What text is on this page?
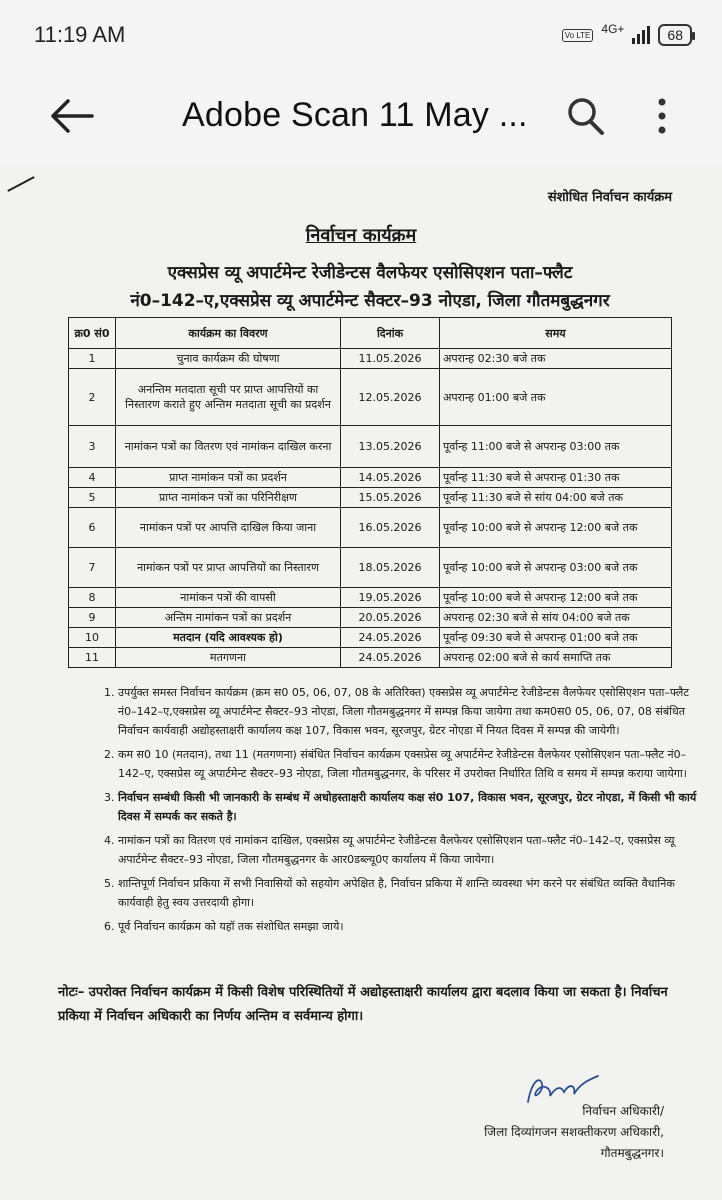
11:19 AM	Vo LTE 4G+	68
Adobe Scan 11 May ...
संशोधित निर्वाचन कार्यक्रम
निर्वाचन कार्यक्रम
एक्सप्रेस व्यू अपार्टमेन्ट रेजीडेन्टस वैलफेयर एसोसिएशन पता–फ्लैट
नं0–142–ए,एक्सप्रेस व्यू अपार्टमेन्ट सैक्टर–93 नोएडा, जिला गौतमबुद्धनगर
क्र0 सं0	कार्यक्रम का विवरण	दिनांक	समय
1	चुनाव कार्यक्रम की घोषणा	11.05.2026	अपरान्ह 02:30 बजे तक
2	अनन्तिम मतदाता सूची पर प्राप्त आपत्तियों का निस्तारण कराते हुए अन्तिम मतदाता सूची का प्रदर्शन	12.05.2026	अपरान्ह 01:00 बजे तक
3	नामांकन पत्रों का वितरण एवं नामांकन दाखिल करना	13.05.2026	पूर्वान्ह 11:00 बजे से अपरान्ह 03:00 तक
4	प्राप्त नामांकन पत्रों का प्रदर्शन	14.05.2026	पूर्वान्ह 11:30 बजे से अपरान्ह 01:30 तक
5	प्राप्त नामांकन पत्रों का परिनिरीक्षण	15.05.2026	पूर्वान्ह 11:30 बजे से सांय 04:00 बजे तक
6	नामांकन पत्रों पर आपत्ति दाखिल किया जाना	16.05.2026	पूर्वान्ह 10:00 बजे से अपरान्ह 12:00 बजे तक
7	नामांकन पत्रों पर प्राप्त आपत्तियों का निस्तारण	18.05.2026	पूर्वान्ह 10:00 बजे से अपरान्ह 03:00 बजे तक
8	नामांकन पत्रों की वापसी	19.05.2026	पूर्वान्ह 10:00 बजे से अपरान्ह 12:00 बजे तक
9	अन्तिम नामांकन पत्रों का प्रदर्शन	20.05.2026	अपरान्ह 02:30 बजे से सांय 04:00 बजे तक
10	मतदान (यदि आवश्यक हो)	24.05.2026	पूर्वान्ह 09:30 बजे से अपरान्ह 01:00 बजे तक
11	मतगणना	24.05.2026	अपरान्ह 02:00 बजे से कार्य समाप्ति तक
1. उपर्युक्त समस्त निर्वाचन कार्यक्रम (क्रम स0 05, 06, 07, 08 के अतिरिक्त) एक्सप्रेस व्यू अपार्टमेन्ट रेजीडेन्टस वैलफेयर एसोसिएशन पता–फ्लैट नं0–142–ए,एक्सप्रेस व्यू अपार्टमेन्ट सैक्टर–93 नोएडा, जिला गौतमबुद्धनगर में सम्पन्न किया जायेगा तथा कम0स0 05, 06, 07, 08 संबंधित निर्वाचन कार्यवाही अद्योहस्ताक्षरी कार्यालय कक्ष 107, विकास भवन, सूरजपुर, ग्रेटर नोएडा में नियत दिवस में सम्पन्न की जायेगी।
2. कम स0 10 (मतदान), तथा 11 (मतगणना) संबंधित निर्वाचन कार्यक्रम एक्सप्रेस व्यू अपार्टमेन्ट रेजीडेन्टस वैलफेयर एसोसिएशन पता–फ्लैट नं0–142–ए, एक्सप्रेस व्यू अपार्टमेन्ट सैक्टर–93 नोएडा, जिला गौतमबुद्धनगर, के परिसर में उपरोक्त निर्धारित तिथि व समय में सम्पन्न कराया जायेगा।
3. निर्वाचन सम्बंधी किसी भी जानकारी के सम्बंध में अधोहस्ताक्षरी कार्यालय कक्ष सं0 107, विकास भवन, सूरजपुर, ग्रेटर नोएडा, में किसी भी कार्य दिवस में सम्पर्क कर सकते है।
4. नामांकन पत्रों का वितरण एवं नामांकन दाखिल, एक्सप्रेस व्यू अपार्टमेन्ट रेजीडेन्टस वैलफेयर एसोसिएशन पता–फ्लैट नं0–142–ए, एक्सप्रेस व्यू अपार्टमेन्ट सैक्टर–93 नोएडा, जिला गौतमबुद्धनगर के आर0डब्ल्यू0ए कार्यालय में किया जायेगा।
5. शान्तिपूर्ण निर्वाचन प्रकिया में सभी निवासियों को सहयोग अपेक्षित है, निर्वाचन प्रकिया में शान्ति व्यवस्था भंग करने पर संबंधित व्यक्ति वैधानिक कार्यवाही हेतु स्वय उत्तरदायी होगा।
6. पूर्व निर्वाचन कार्यक्रम को यहॉ तक संशोधित समझा जाये।
नोटः– उपरोक्त निर्वाचन कार्यक्रम में किसी विशेष परिस्थितियों में अद्योहस्ताक्षरी कार्यालय द्वारा बदलाव किया जा सकता है। निर्वाचन प्रकिया में निर्वाचन अधिकारी का निर्णय अन्तिम व सर्वमान्य होगा।
निर्वाचन अधिकारी/
जिला दिव्यांगजन सशक्तीकरण अधिकारी,
गौतमबुद्धनगर।
